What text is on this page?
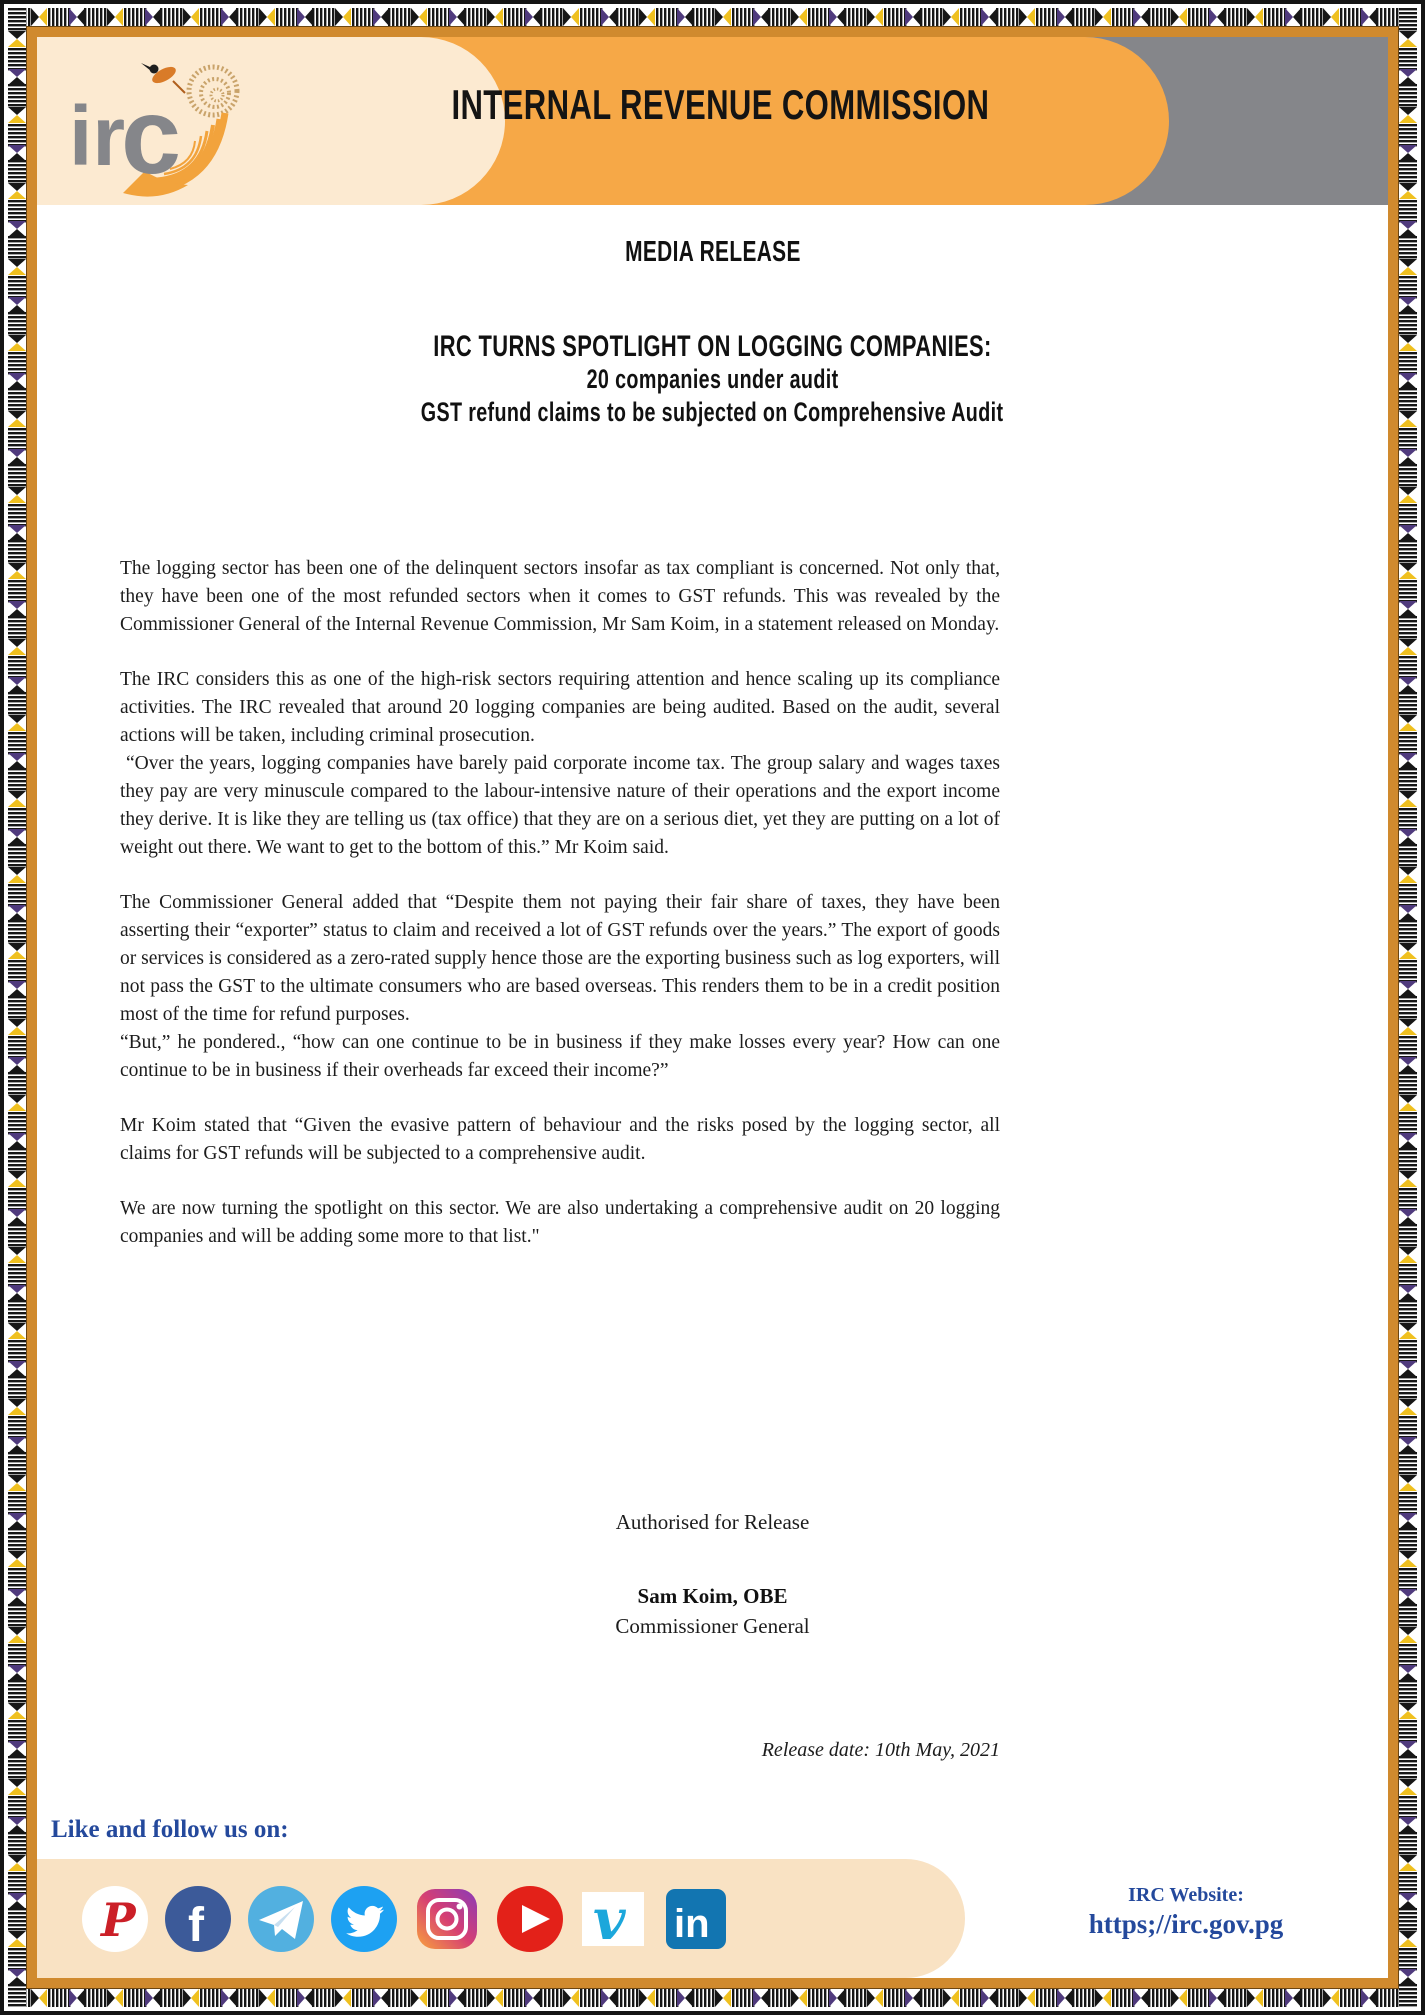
ir
c	INTERNAL REVENUE COMMISSION
MEDIA RELEASE
IRC TURNS SPOTLIGHT ON LOGGING COMPANIES:
20 companies under audit
GST refund claims to be subjected on Comprehensive Audit

The logging sector has been one of the delinquent sectors insofar as tax compliant is concerned. Not only that, they have been one of the most refunded sectors when it comes to GST refunds. This was revealed by the Commissioner General of the Internal Revenue Commission, Mr Sam Koim, in a statement released on Monday.

The IRC considers this as one of the high-risk sectors requiring attention and hence scaling up its compliance activities. The IRC revealed that around 20 logging companies are being audited. Based on the audit, several actions will be taken, including criminal prosecution.

“Over the years, logging companies have barely paid corporate income tax. The group salary and wages taxes they pay are very minuscule compared to the labour-intensive nature of their operations and the export income they derive. It is like they are telling us (tax office) that they are on a serious diet, yet they are putting on a lot of weight out there. We want to get to the bottom of this.” Mr Koim said.

The Commissioner General added that “Despite them not paying their fair share of taxes, they have been asserting their “exporter” status to claim and received a lot of GST refunds over the years.” The export of goods or services is considered as a zero-rated supply hence those are the exporting business such as log exporters, will not pass the GST to the ultimate consumers who are based overseas. This renders them to be in a credit position most of the time for refund purposes.

“But,” he pondered., “how can one continue to be in business if they make losses every year? How can one continue to be in business if their overheads far exceed their income?”

Mr Koim stated that “Given the evasive pattern of behaviour and the risks posed by the logging sector, all claims for GST refunds will be subjected to a comprehensive audit.

We are now turning the spotlight on this sector. We are also undertaking a comprehensive audit on 20 logging companies and will be adding some more to that list."

Authorised for Release
Sam Koim, OBE
Commissioner General
Release date: 10th May, 2021
Like and follow us on:
P f	v in
IRC Website:
https;//irc.gov.pg
